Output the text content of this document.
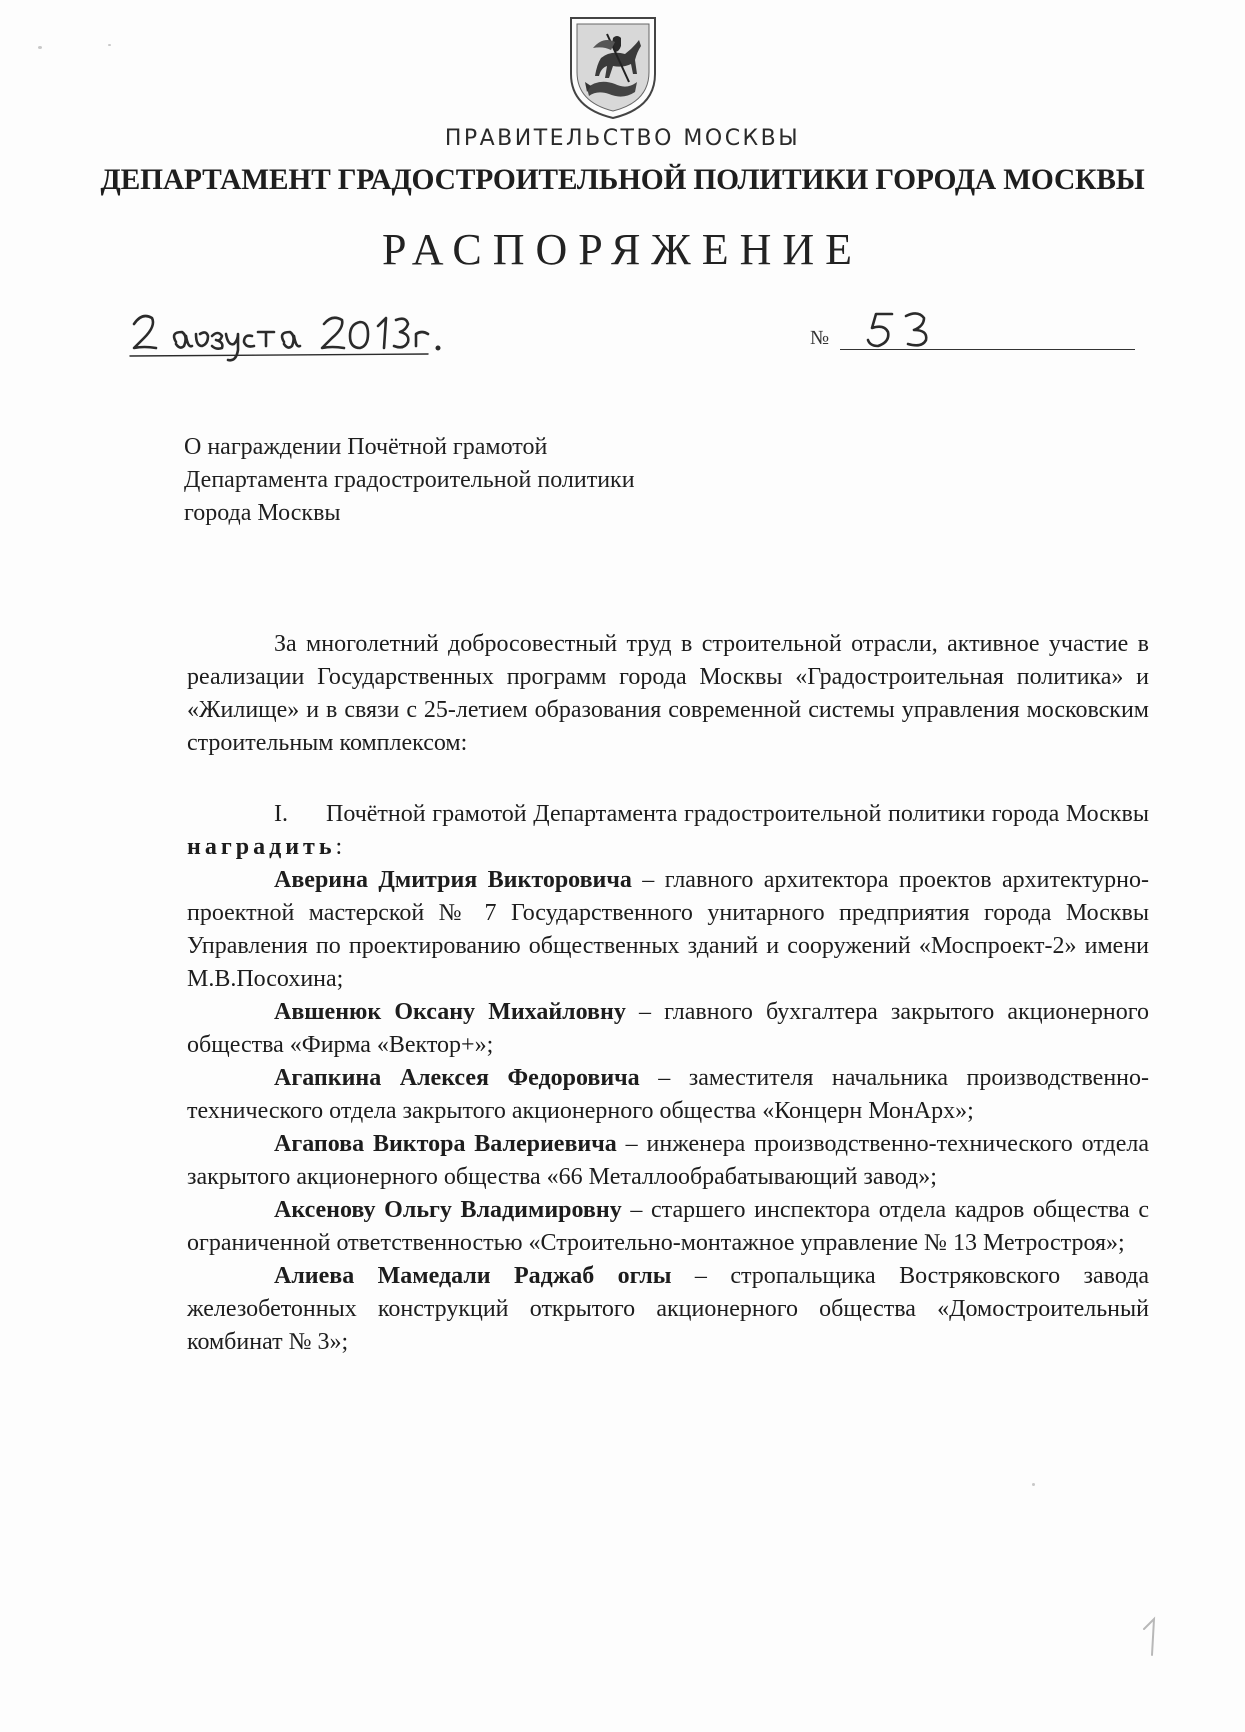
ПРАВИТЕЛЬСТВО МОСКВЫ
ДЕПАРТАМЕНТ ГРАДОСТРОИТЕЛЬНОЙ ПОЛИТИКИ ГОРОДА МОСКВЫ
РАСПОРЯЖЕНИЕ
№
О награждении Почётной грамотой
Департамента градостроительной политики
города Москвы

За многолетний добросовестный труд в строительной отрасли, активное участие в реализации Государственных программ города Москвы «Градостроительная политика» и «Жилище» и в связи с 25-летием образования современной системы управления московским строительным комплексом:

I. Почётной грамотой Департамента градостроительной политики города Москвы наградить:

Аверина Дмитрия Викторовича – главного архитектора проектов архитектурно-проектной мастерской № 7 Государственного унитарного предприятия города Москвы Управления по проектированию общественных зданий и сооружений «Моспроект-2» имени М.В.Посохина;

Авшенюк Оксану Михайловну – главного бухгалтера закрытого акционерного общества «Фирма «Вектор+»;

Агапкина Алексея Федоровича – заместителя начальника производственно-технического отдела закрытого акционерного общества «Концерн МонАрх»;

Агапова Виктора Валериевича – инженера производственно-технического отдела закрытого акционерного общества «66 Металлообрабатывающий завод»;

Аксенову Ольгу Владимировну – старшего инспектора отдела кадров общества с ограниченной ответственностью «Строительно-монтажное управление № 13 Метростроя»;

Алиева Мамедали Раджаб оглы – стропальщика Востряковского завода железобетонных конструкций открытого акционерного общества «Домостроительный комбинат № 3»;
